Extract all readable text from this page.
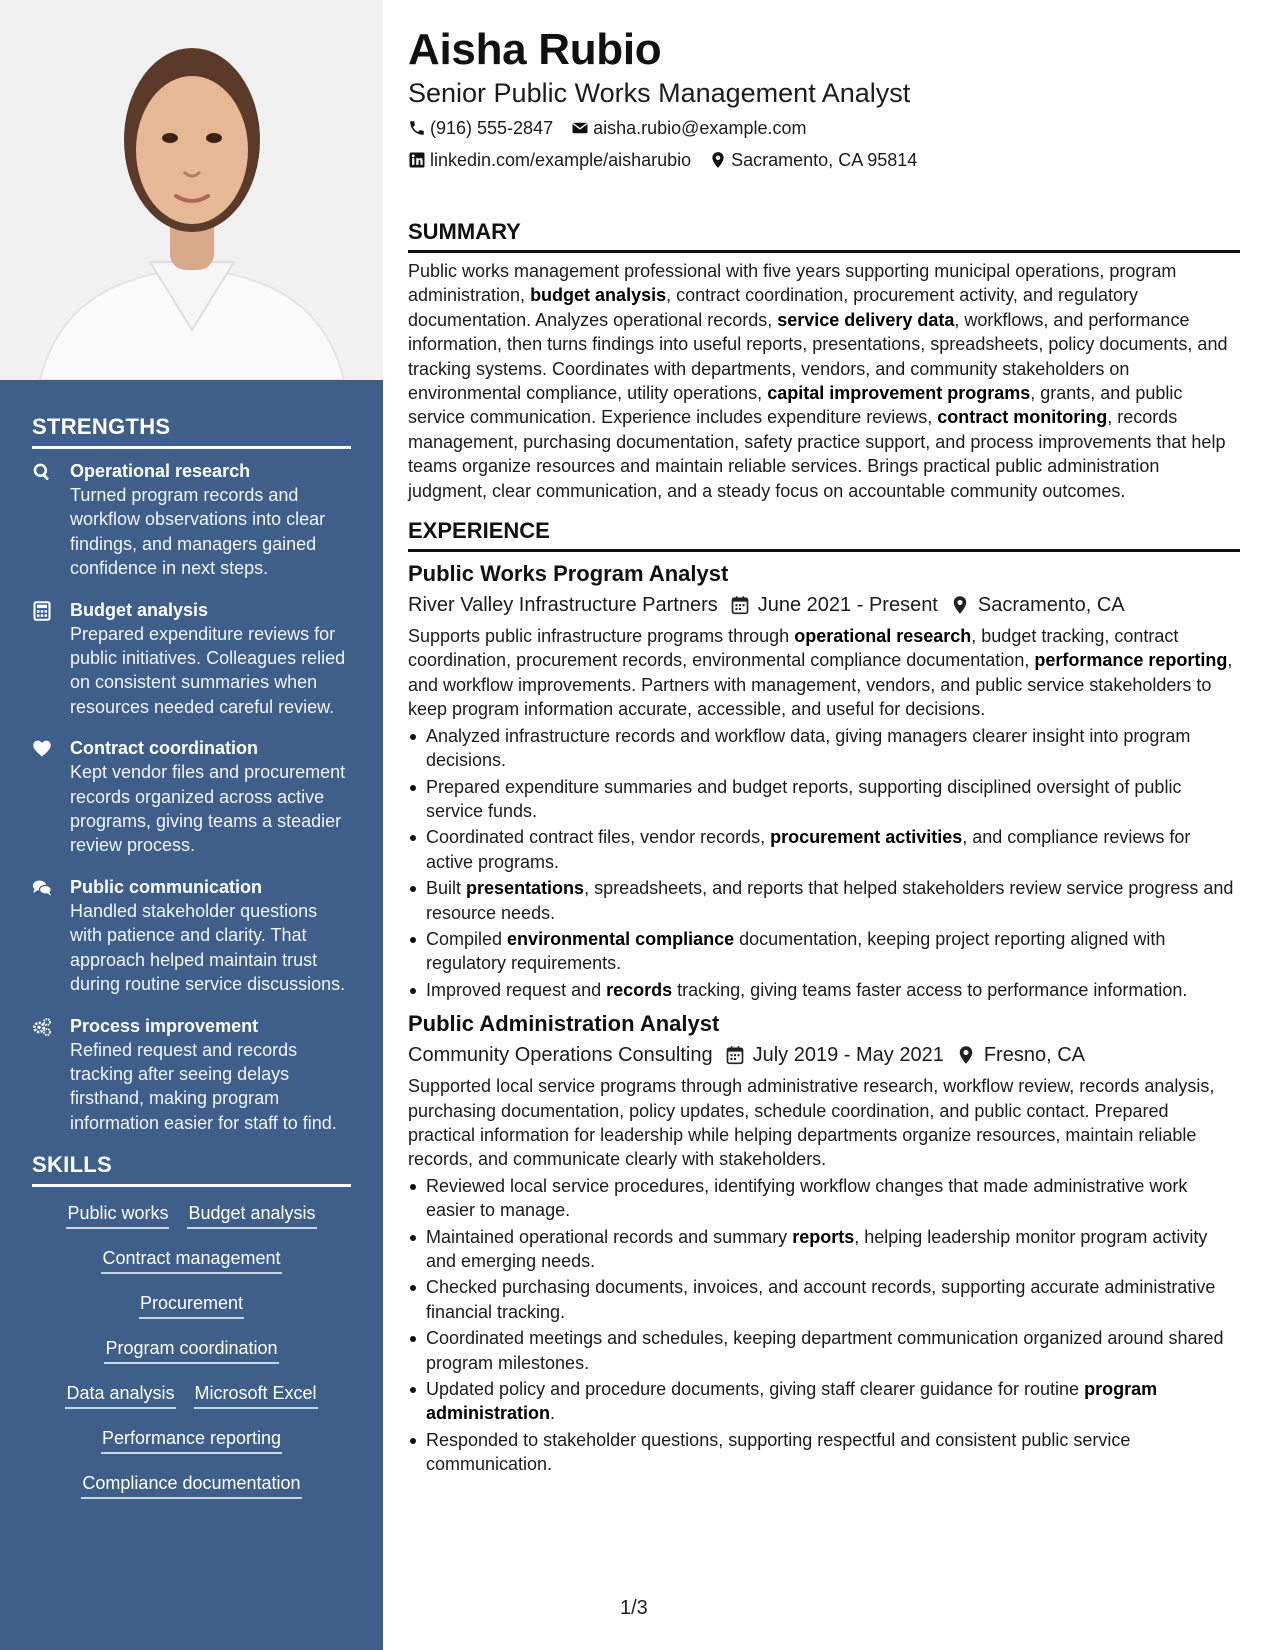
STRENGTHS
Operational research
Turned program records and workflow observations into clear findings, and managers gained confidence in next steps.
Budget analysis
Prepared expenditure reviews for public initiatives. Colleagues relied on consistent summaries when resources needed careful review.
Contract coordination
Kept vendor files and procurement records organized across active programs, giving teams a steadier review process.
Public communication
Handled stakeholder questions with patience and clarity. That approach helped maintain trust during routine service discussions.
Process improvement
Refined request and records tracking after seeing delays firsthand, making program information easier for staff to find.
SKILLS
Public works Budget analysis
Contract management
Procurement
Program coordination
Data analysis Microsoft Excel
Performance reporting
Compliance documentation
Aisha Rubio
Senior Public Works Management Analyst
(916) 555-2847 aisha.rubio@example.com
linkedin.com/example/aisharubio Sacramento, CA 95814
SUMMARY

Public works management professional with five years supporting municipal operations, program administration, budget analysis, contract coordination, procurement activity, and regulatory documentation. Analyzes operational records, service delivery data, workflows, and performance information, then turns findings into useful reports, presentations, spreadsheets, policy documents, and tracking systems. Coordinates with departments, vendors, and community stakeholders on environmental compliance, utility operations, capital improvement programs, grants, and public service communication. Experience includes expenditure reviews, contract monitoring, records management, purchasing documentation, safety practice support, and process improvements that help teams organize resources and maintain reliable services. Brings practical public administration judgment, clear communication, and a steady focus on accountable community outcomes.

EXPERIENCE
Public Works Program Analyst
River Valley Infrastructure Partners June 2021 - Present Sacramento, CA

Supports public infrastructure programs through operational research, budget tracking, contract coordination, procurement records, environmental compliance documentation, performance reporting, and workflow improvements. Partners with management, vendors, and public service stakeholders to keep program information accurate, accessible, and useful for decisions.

Analyzed infrastructure records and workflow data, giving managers clearer insight into program decisions.
Prepared expenditure summaries and budget reports, supporting disciplined oversight of public service funds.
Coordinated contract files, vendor records, procurement activities, and compliance reviews for active programs.
Built presentations, spreadsheets, and reports that helped stakeholders review service progress and resource needs.
Compiled environmental compliance documentation, keeping project reporting aligned with regulatory requirements.
Improved request and records tracking, giving teams faster access to performance information.
Public Administration Analyst
Community Operations Consulting July 2019 - May 2021 Fresno, CA

Supported local service programs through administrative research, workflow review, records analysis, purchasing documentation, policy updates, schedule coordination, and public contact. Prepared practical information for leadership while helping departments organize resources, maintain reliable records, and communicate clearly with stakeholders.

Reviewed local service procedures, identifying workflow changes that made administrative work easier to manage.
Maintained operational records and summary reports, helping leadership monitor program activity and emerging needs.
Checked purchasing documents, invoices, and account records, supporting accurate administrative financial tracking.
Coordinated meetings and schedules, keeping department communication organized around shared program milestones.
Updated policy and procedure documents, giving staff clearer guidance for routine program administration.
Responded to stakeholder questions, supporting respectful and consistent public service communication.
1/3
